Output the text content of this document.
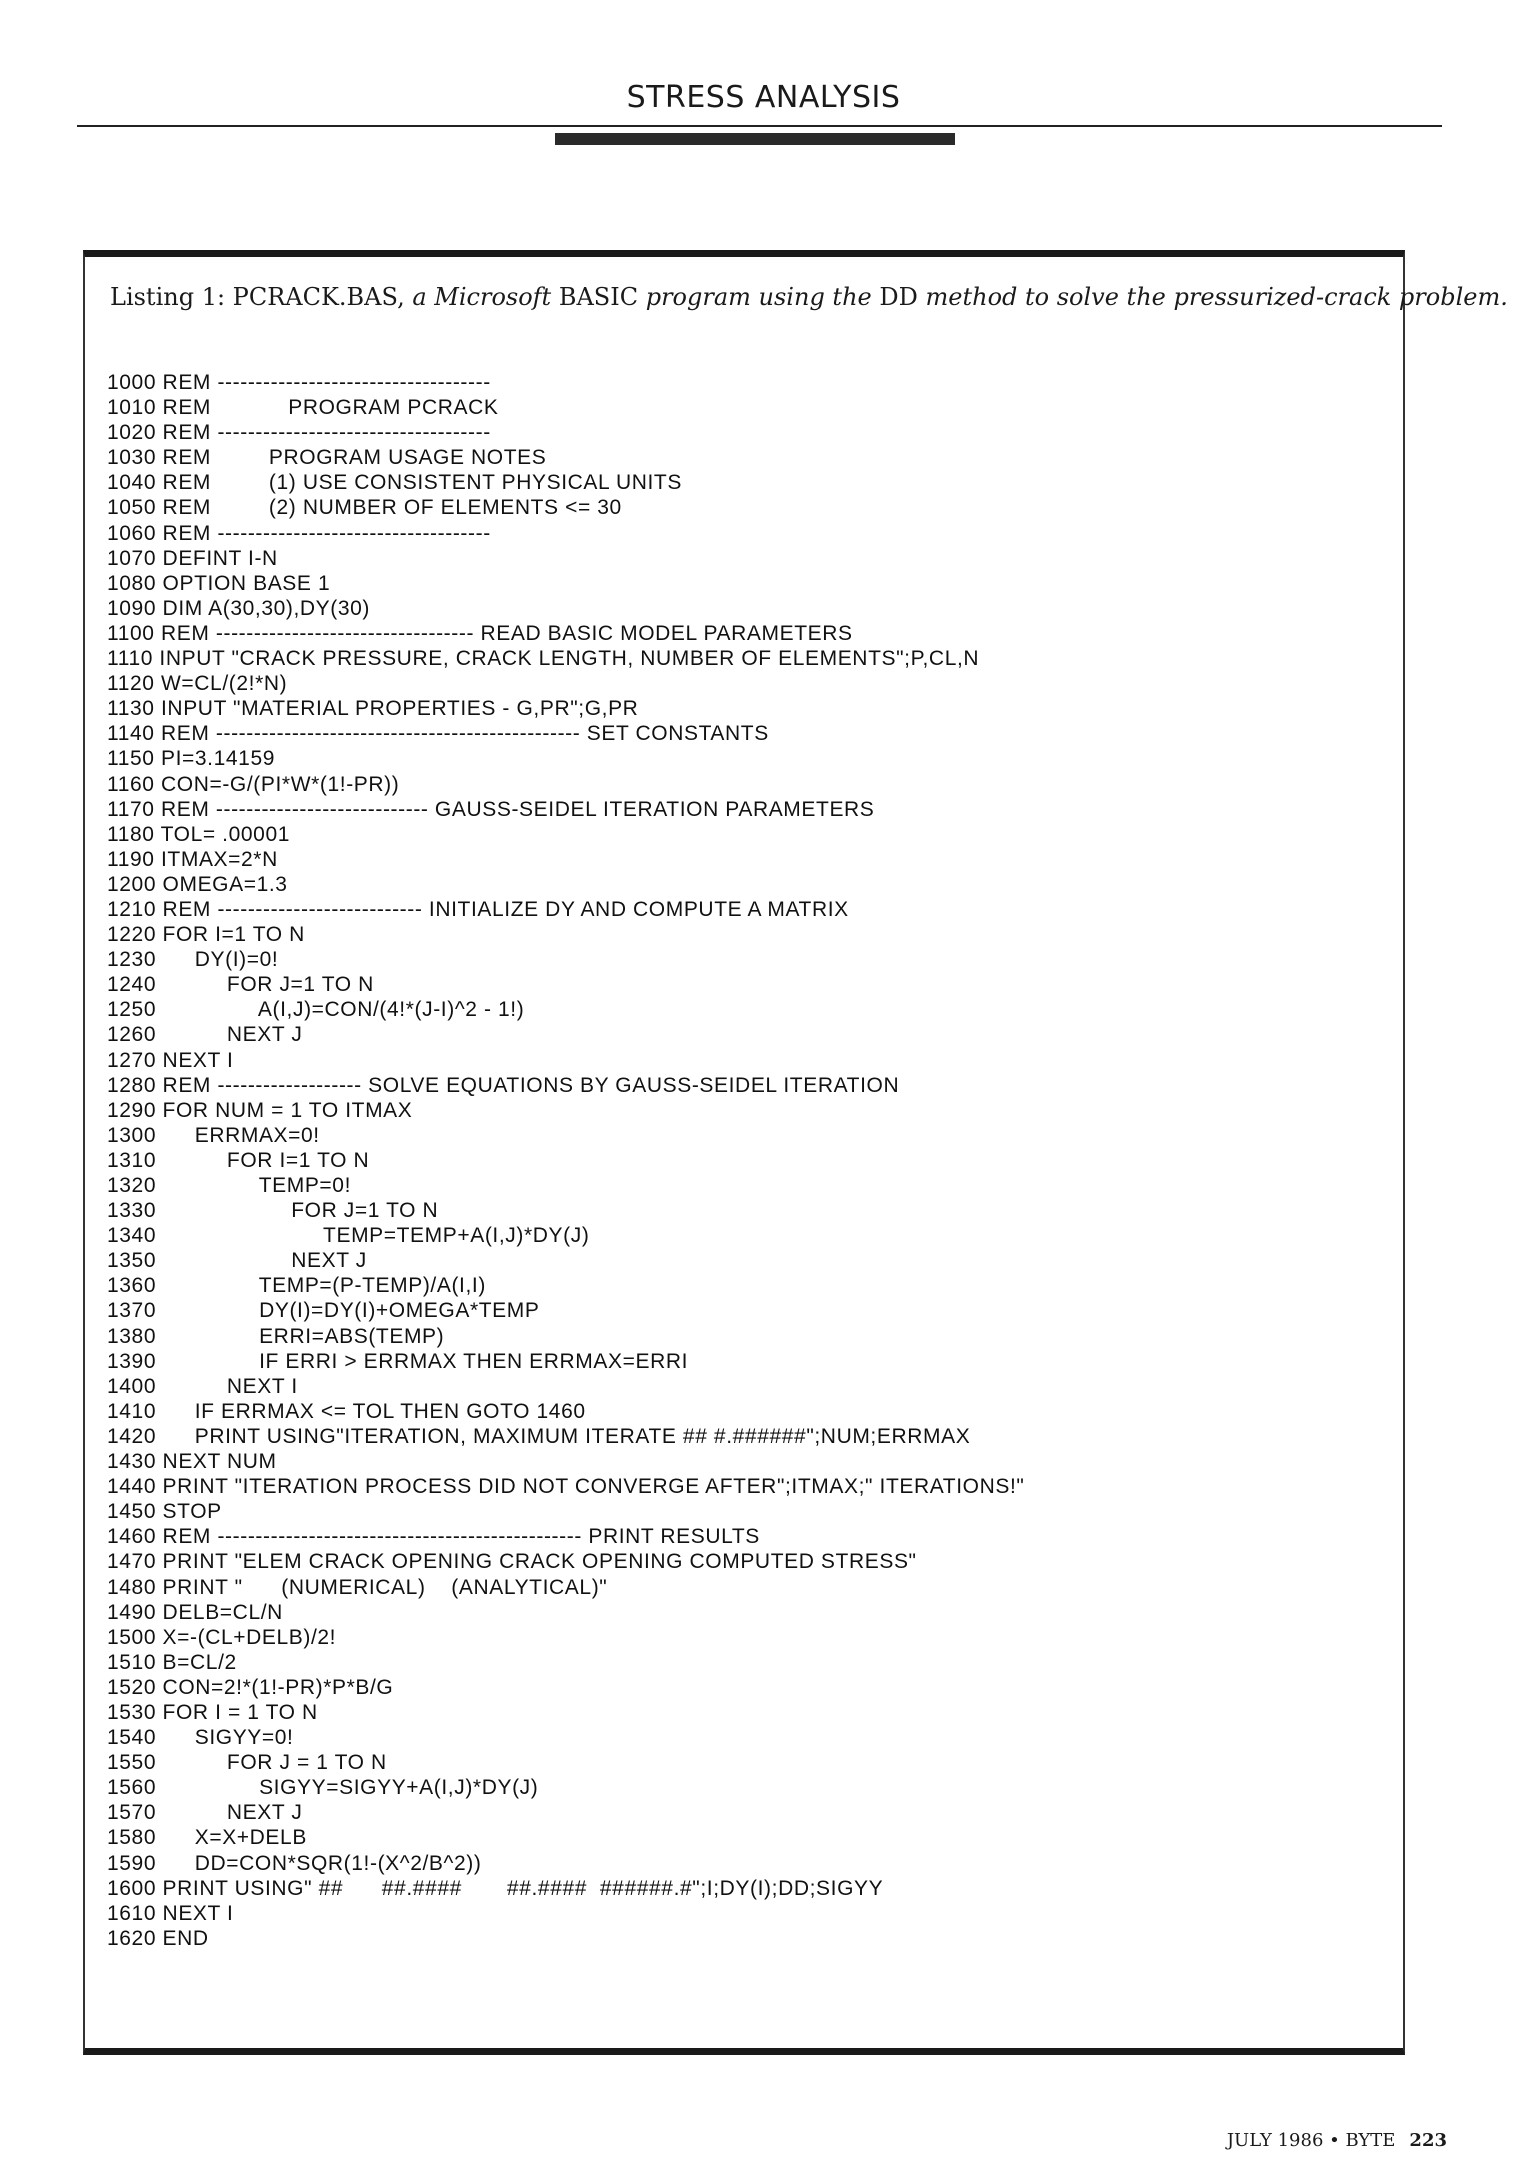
STRESS ANALYSIS
Listing 1: PCRACK.BAS, a Microsoft BASIC program using the DD method to solve the pressurized-crack problem.
1000 REM ------------------------------------
1010 REM            PROGRAM PCRACK
1020 REM ------------------------------------
1030 REM         PROGRAM USAGE NOTES
1040 REM         (1) USE CONSISTENT PHYSICAL UNITS
1050 REM         (2) NUMBER OF ELEMENTS <= 30
1060 REM ------------------------------------
1070 DEFINT I-N
1080 OPTION BASE 1
1090 DIM A(30,30),DY(30)
1100 REM ---------------------------------- READ BASIC MODEL PARAMETERS
1110 INPUT "CRACK PRESSURE, CRACK LENGTH, NUMBER OF ELEMENTS";P,CL,N
1120 W=CL/(2!*N)
1130 INPUT "MATERIAL PROPERTIES - G,PR";G,PR
1140 REM ------------------------------------------------ SET CONSTANTS
1150 PI=3.14159
1160 CON=-G/(PI*W*(1!-PR))
1170 REM ---------------------------- GAUSS-SEIDEL ITERATION PARAMETERS
1180 TOL= .00001
1190 ITMAX=2*N
1200 OMEGA=1.3
1210 REM --------------------------- INITIALIZE DY AND COMPUTE A MATRIX
1220 FOR I=1 TO N
1230      DY(I)=0!
1240           FOR J=1 TO N
1250                A(I,J)=CON/(4!*(J-I)^2 - 1!)
1260           NEXT J
1270 NEXT I
1280 REM ------------------- SOLVE EQUATIONS BY GAUSS-SEIDEL ITERATION
1290 FOR NUM = 1 TO ITMAX
1300      ERRMAX=0!
1310           FOR I=1 TO N
1320                TEMP=0!
1330                     FOR J=1 TO N
1340                          TEMP=TEMP+A(I,J)*DY(J)
1350                     NEXT J
1360                TEMP=(P-TEMP)/A(I,I)
1370                DY(I)=DY(I)+OMEGA*TEMP
1380                ERRI=ABS(TEMP)
1390                IF ERRI > ERRMAX THEN ERRMAX=ERRI
1400           NEXT I
1410      IF ERRMAX <= TOL THEN GOTO 1460
1420      PRINT USING"ITERATION, MAXIMUM ITERATE ## #.######";NUM;ERRMAX
1430 NEXT NUM
1440 PRINT "ITERATION PROCESS DID NOT CONVERGE AFTER";ITMAX;" ITERATIONS!"
1450 STOP
1460 REM ------------------------------------------------ PRINT RESULTS
1470 PRINT "ELEM CRACK OPENING CRACK OPENING COMPUTED STRESS"
1480 PRINT "      (NUMERICAL)    (ANALYTICAL)"
1490 DELB=CL/N
1500 X=-(CL+DELB)/2!
1510 B=CL/2
1520 CON=2!*(1!-PR)*P*B/G
1530 FOR I = 1 TO N
1540      SIGYY=0!
1550           FOR J = 1 TO N
1560                SIGYY=SIGYY+A(I,J)*DY(J)
1570           NEXT J
1580      X=X+DELB
1590      DD=CON*SQR(1!-(X^2/B^2))
1600 PRINT USING" ##      ##.####       ##.####  ######.#";I;DY(I);DD;SIGYY
1610 NEXT I
1620 END
JULY 1986 • BYTE 223
